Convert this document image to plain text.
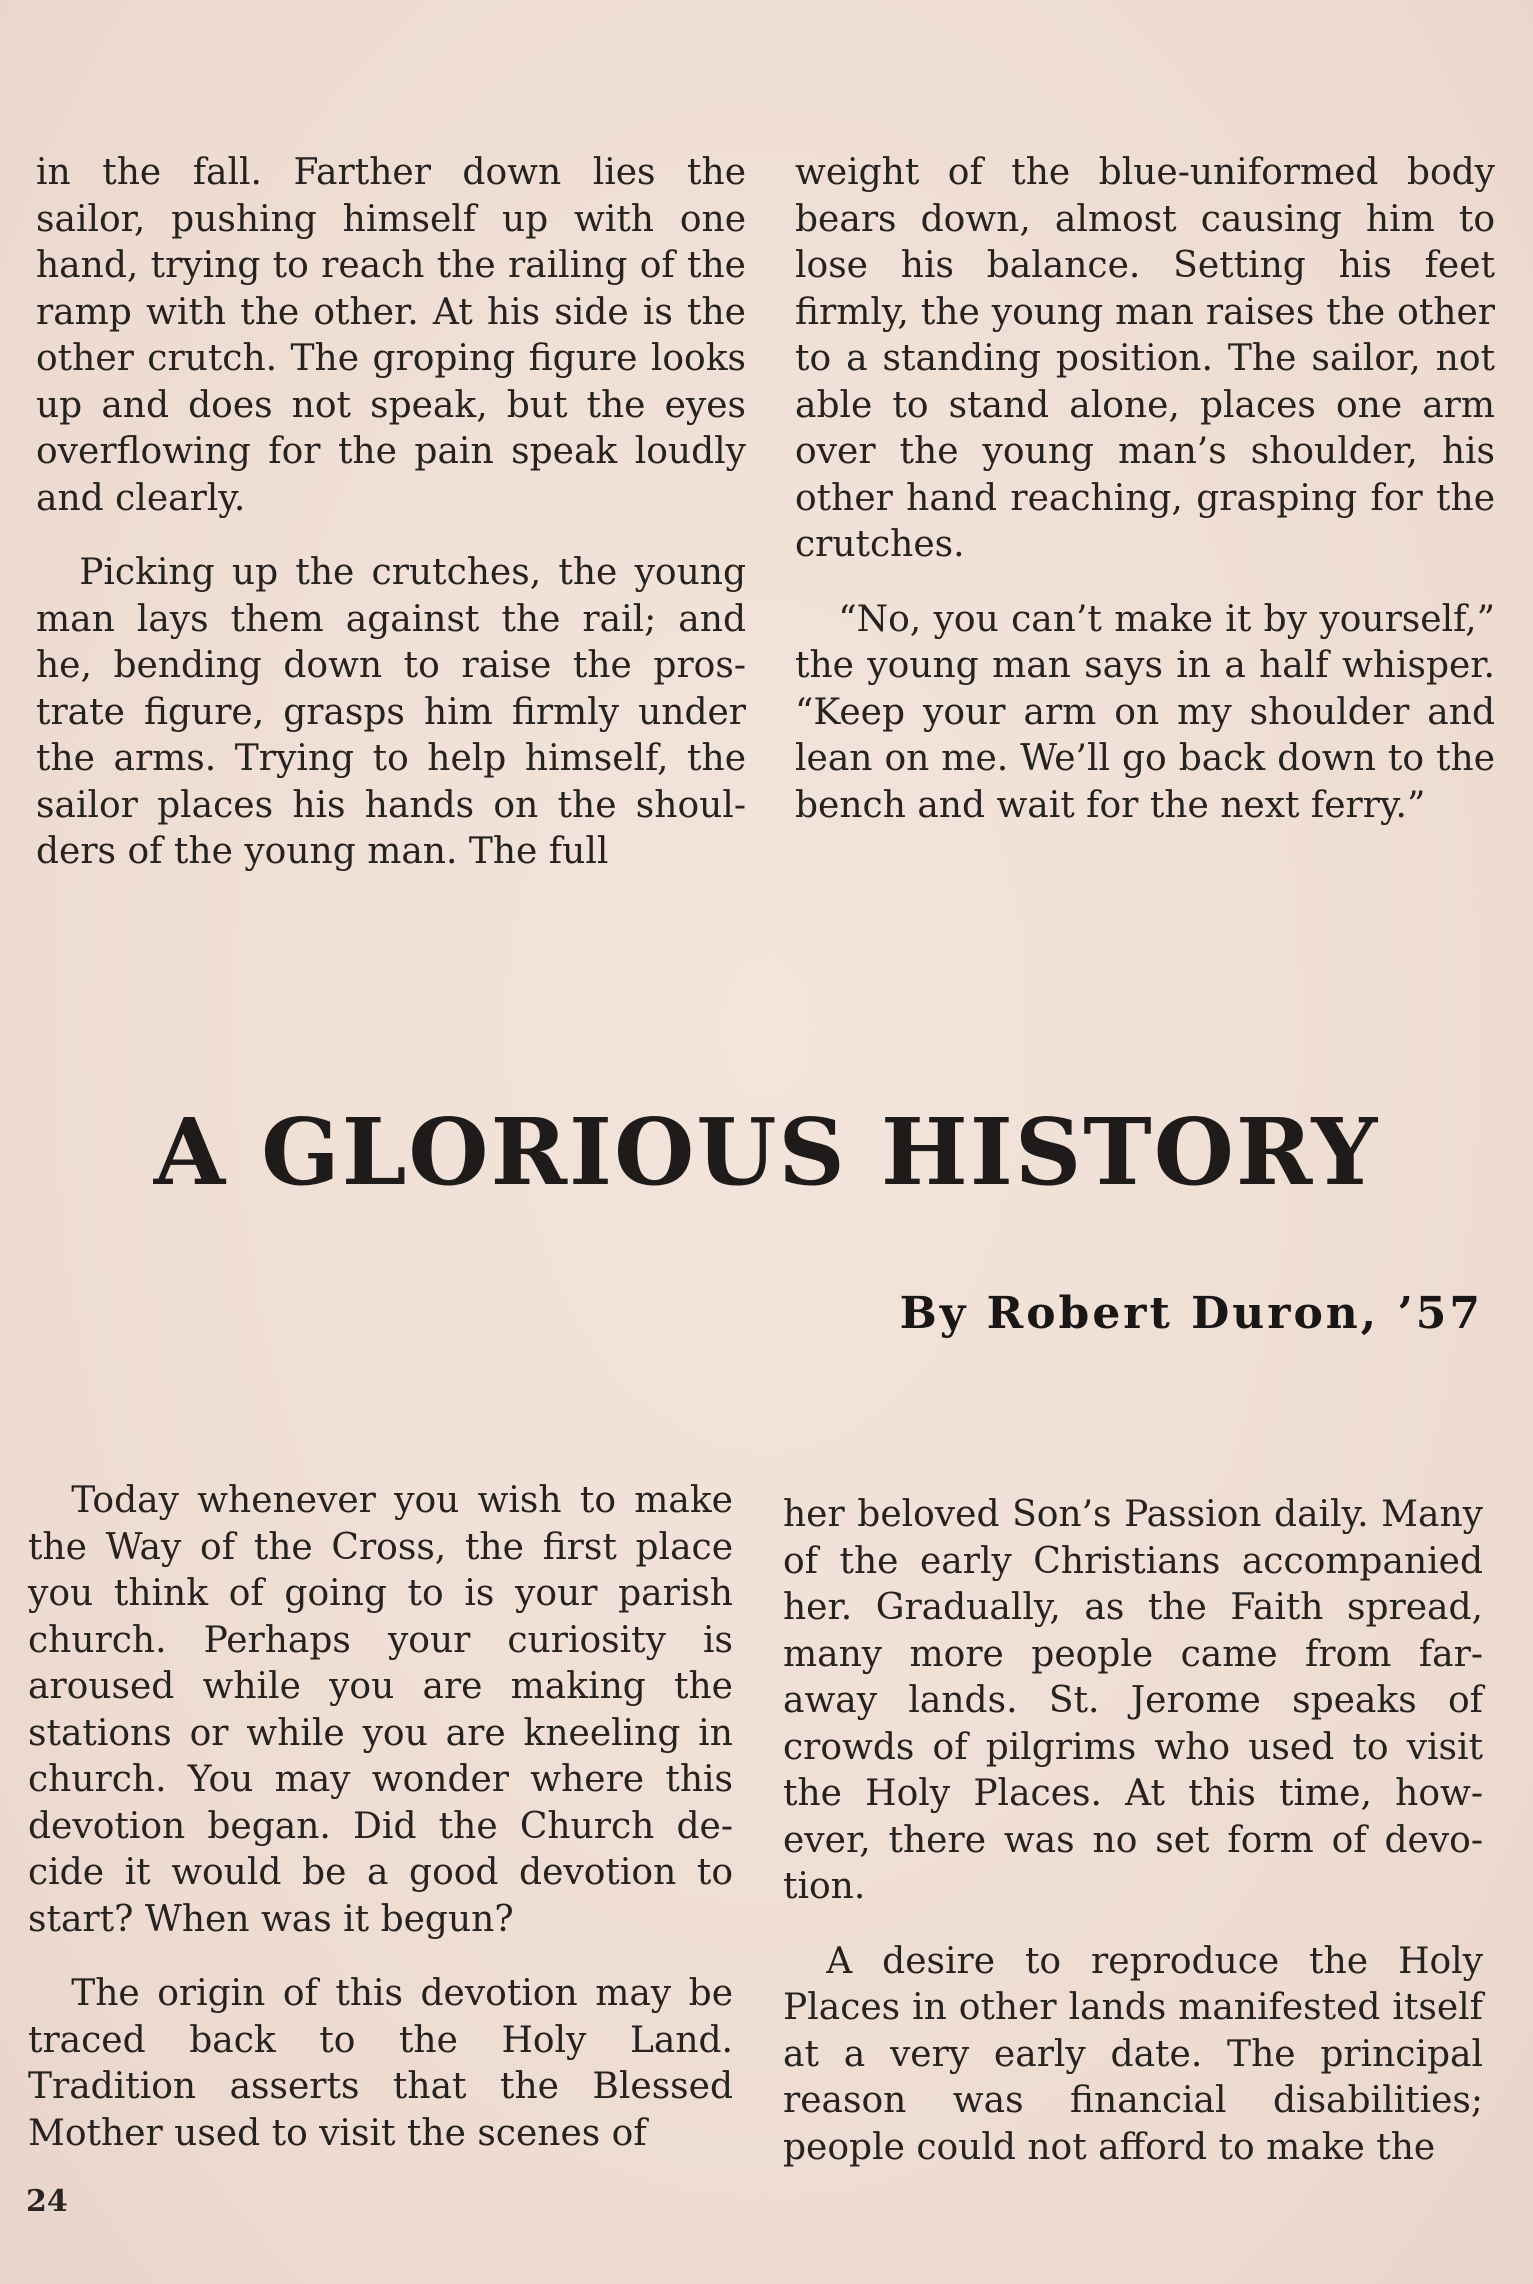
in the fall. Farther down lies the sailor, pushing himself up with one hand, trying to reach the railing of the ramp with the other. At his side is the other crutch. The groping figure looks up and does not speak, but the eyes overflowing for the pain speak loudly and clearly.

Picking up the crutches, the young man lays them against the rail; and he, bending down to raise the prostrate figure, grasps him firmly under the arms. Trying to help himself, the sailor places his hands on the shoulders of the young man. The full

weight of the blue-uniformed body bears down, almost causing him to lose his balance. Setting his feet firmly, the young man raises the other to a standing position. The sailor, not able to stand alone, places one arm over the young man’s shoulder, his other hand reaching, grasping for the crutches.

“No, you can’t make it by yourself,” the young man says in a half whisper. “Keep your arm on my shoulder and lean on me. We’ll go back down to the bench and wait for the next ferry.”

A GLORIOUS HISTORY
By Robert Duron, ’57

Today whenever you wish to make the Way of the Cross, the first place you think of going to is your parish church. Perhaps your curiosity is aroused while you are making the stations or while you are kneeling in church. You may wonder where this devotion began. Did the Church decide it would be a good devotion to start? When was it begun?

The origin of this devotion may be traced back to the Holy Land. Tradition asserts that the Blessed Mother used to visit the scenes of

her beloved Son’s Passion daily. Many of the early Christians accompanied her. Gradually, as the Faith spread, many more people came from faraway lands. St. Jerome speaks of crowds of pilgrims who used to visit the Holy Places. At this time, however, there was no set form of devotion.

A desire to reproduce the Holy Places in other lands manifested itself at a very early date. The principal reason was financial disabilities; people could not afford to make the

24
